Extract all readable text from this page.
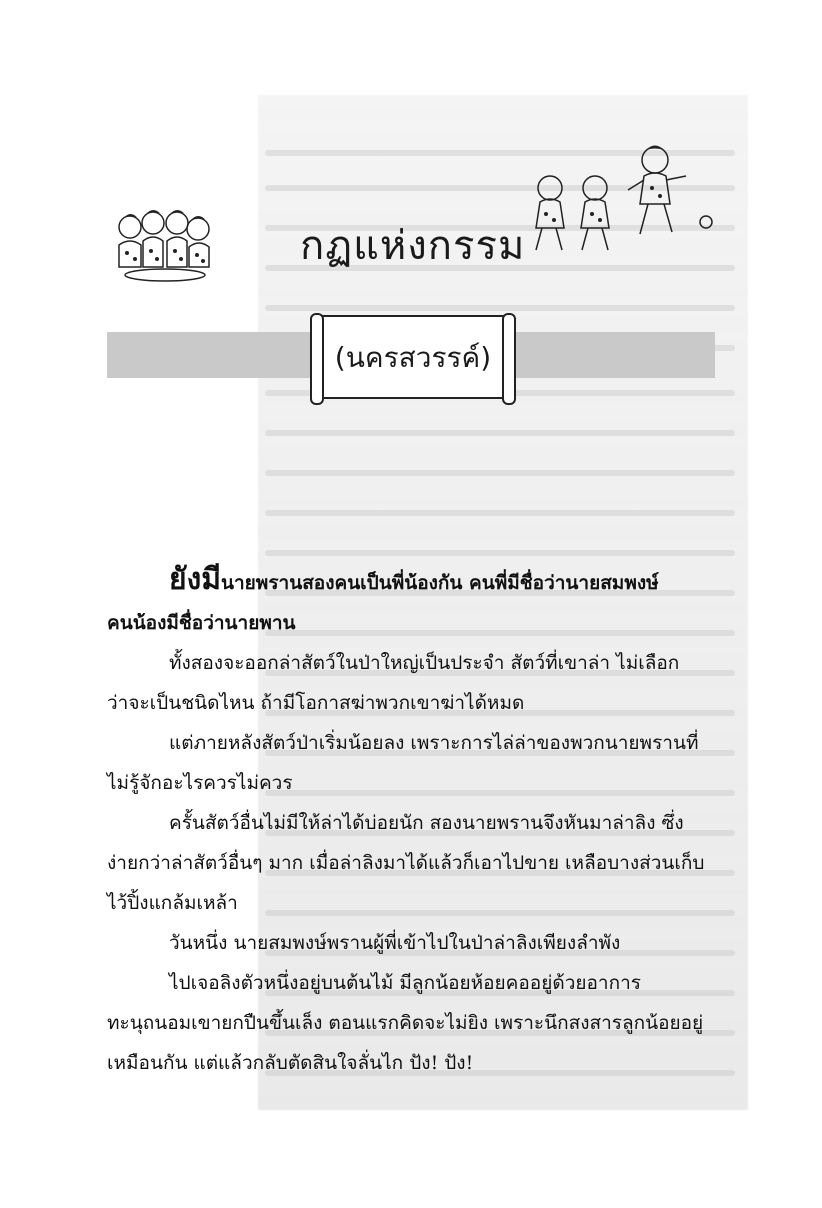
กฏแห่งกรรม
(นครสวรรค์)

ยังมีนายพรานสองคนเป็นพี่น้องกัน คนพี่มีชื่อว่านายสมพงษ์

คนน้องมีชื่อว่านายพาน

ทั้งสองจะออกล่าสัตว์ในป่าใหญ่เป็นประจำ สัตว์ที่เขาล่า ไม่เลือก

ว่าจะเป็นชนิดไหน ถ้ามีโอกาสฆ่าพวกเขาฆ่าได้หมด

แต่ภายหลังสัตว์ป่าเริ่มน้อยลง เพราะการไล่ล่าของพวกนายพรานที่

ไม่รู้จักอะไรควรไม่ควร

ครั้นสัตว์อื่นไม่มีให้ล่าได้บ่อยนัก สองนายพรานจึงหันมาล่าลิง ซึ่ง

ง่ายกว่าล่าสัตว์อื่นๆ มาก เมื่อล่าลิงมาได้แล้วก็เอาไปขาย เหลือบางส่วนเก็บ

ไว้ปิ้งแกล้มเหล้า

วันหนึ่ง นายสมพงษ์พรานผู้พี่เข้าไปในป่าล่าลิงเพียงลำพัง

ไปเจอลิงตัวหนึ่งอยู่บนต้นไม้ มีลูกน้อยห้อยคออยู่ด้วยอาการ

ทะนุถนอมเขายกปืนขึ้นเล็ง ตอนแรกคิดจะไม่ยิง เพราะนึกสงสารลูกน้อยอยู่

เหมือนกัน แต่แล้วกลับตัดสินใจลั่นไก ปัง! ปัง!
